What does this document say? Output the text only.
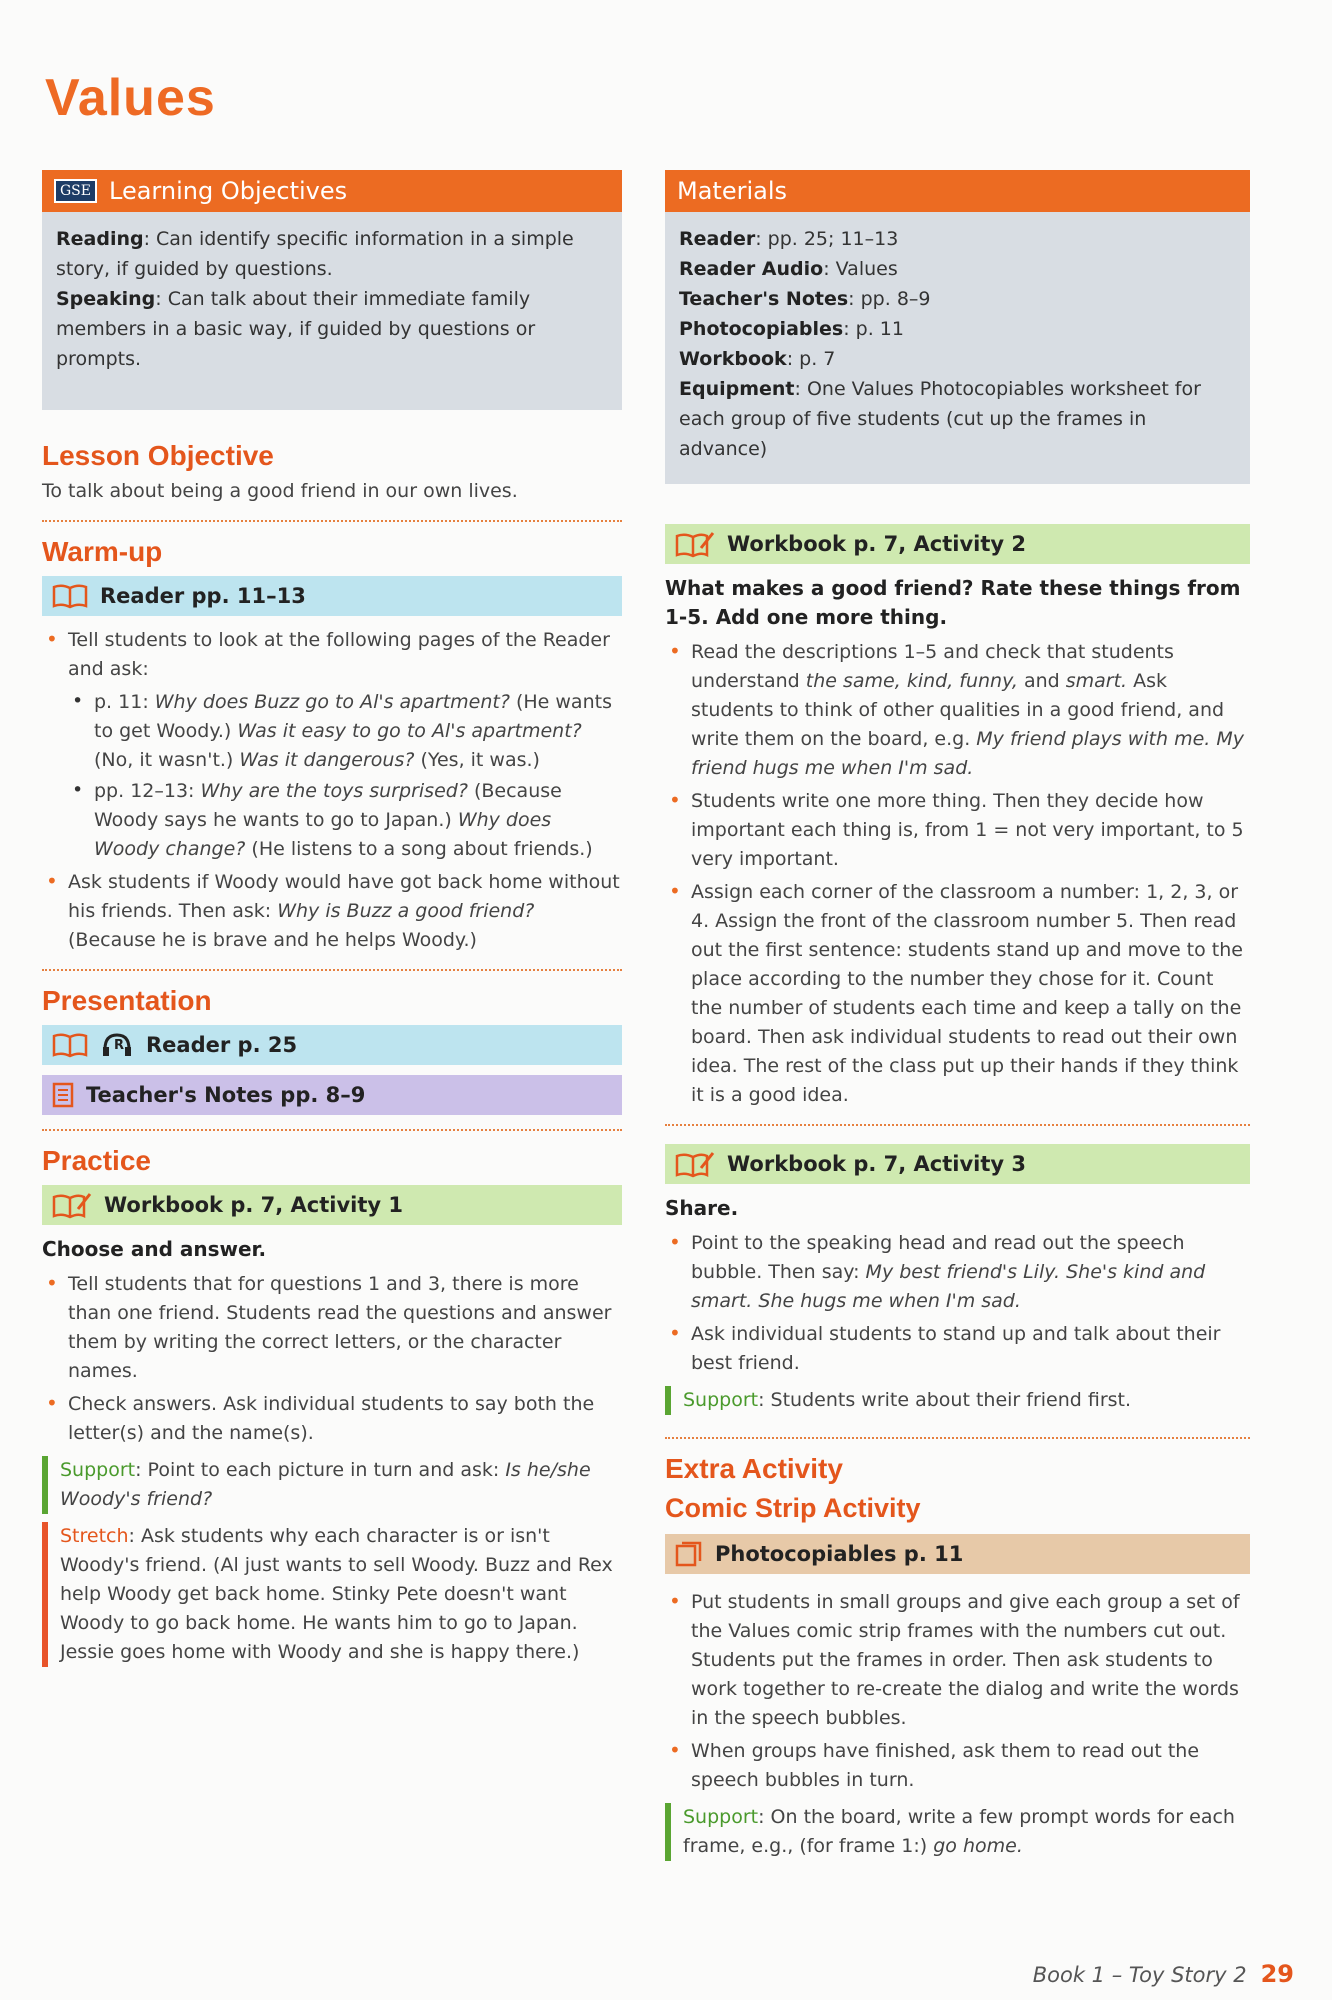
Values
GSE Learning Objectives

Reading: Can identify specific information in a simple story, if guided by questions.

Speaking: Can talk about their immediate family members in a basic way, if guided by questions or prompts.

Lesson Objective

To talk about being a good friend in our own lives.

Warm-up
Reader pp. 11–13
• Tell students to look at the following pages of the Reader and ask:
• p. 11: Why does Buzz go to Al's apartment? (He wants to get Woody.) Was it easy to go to Al's apartment? (No, it wasn't.) Was it dangerous? (Yes, it was.)
• pp. 12–13: Why are the toys surprised? (Because Woody says he wants to go to Japan.) Why does Woody change? (He listens to a song about friends.)
• Ask students if Woody would have got back home without his friends. Then ask: Why is Buzz a good friend? (Because he is brave and he helps Woody.)
Presentation
R Reader p. 25
Teacher's Notes pp. 8–9
Practice
Workbook p. 7, Activity 1

Choose and answer.

• Tell students that for questions 1 and 3, there is more than one friend. Students read the questions and answer them by writing the correct letters, or the character names.
• Check answers. Ask individual students to say both the letter(s) and the name(s).
Support: Point to each picture in turn and ask: Is he/she Woody's friend?
Stretch: Ask students why each character is or isn't Woody's friend. (Al just wants to sell Woody. Buzz and Rex help Woody get back home. Stinky Pete doesn't want Woody to go back home. He wants him to go to Japan. Jessie goes home with Woody and she is happy there.)
Materials

Reader: pp. 25; 11–13

Reader Audio: Values

Teacher's Notes: pp. 8–9

Photocopiables: p. 11

Workbook: p. 7

Equipment: One Values Photocopiables worksheet for each group of five students (cut up the frames in advance)

Workbook p. 7, Activity 2

What makes a good friend? Rate these things from 1-5. Add one more thing.

• Read the descriptions 1–5 and check that students understand the same, kind, funny, and smart. Ask students to think of other qualities in a good friend, and write them on the board, e.g. My friend plays with me. My friend hugs me when I'm sad.
• Students write one more thing. Then they decide how important each thing is, from 1 = not very important, to 5 very important.
• Assign each corner of the classroom a number: 1, 2, 3, or 4. Assign the front of the classroom number 5. Then read out the first sentence: students stand up and move to the place according to the number they chose for it. Count the number of students each time and keep a tally on the board. Then ask individual students to read out their own idea. The rest of the class put up their hands if they think it is a good idea.
Workbook p. 7, Activity 3

Share.

• Point to the speaking head and read out the speech bubble. Then say: My best friend's Lily. She's kind and smart. She hugs me when I'm sad.
• Ask individual students to stand up and talk about their best friend.
Support: Students write about their friend first.
Extra Activity
Comic Strip Activity
Photocopiables p. 11
• Put students in small groups and give each group a set of the Values comic strip frames with the numbers cut out. Students put the frames in order. Then ask students to work together to re-create the dialog and write the words in the speech bubbles.
• When groups have finished, ask them to read out the speech bubbles in turn.
Support: On the board, write a few prompt words for each frame, e.g., (for frame 1:) go home.
Book 1 – Toy Story 2 29
